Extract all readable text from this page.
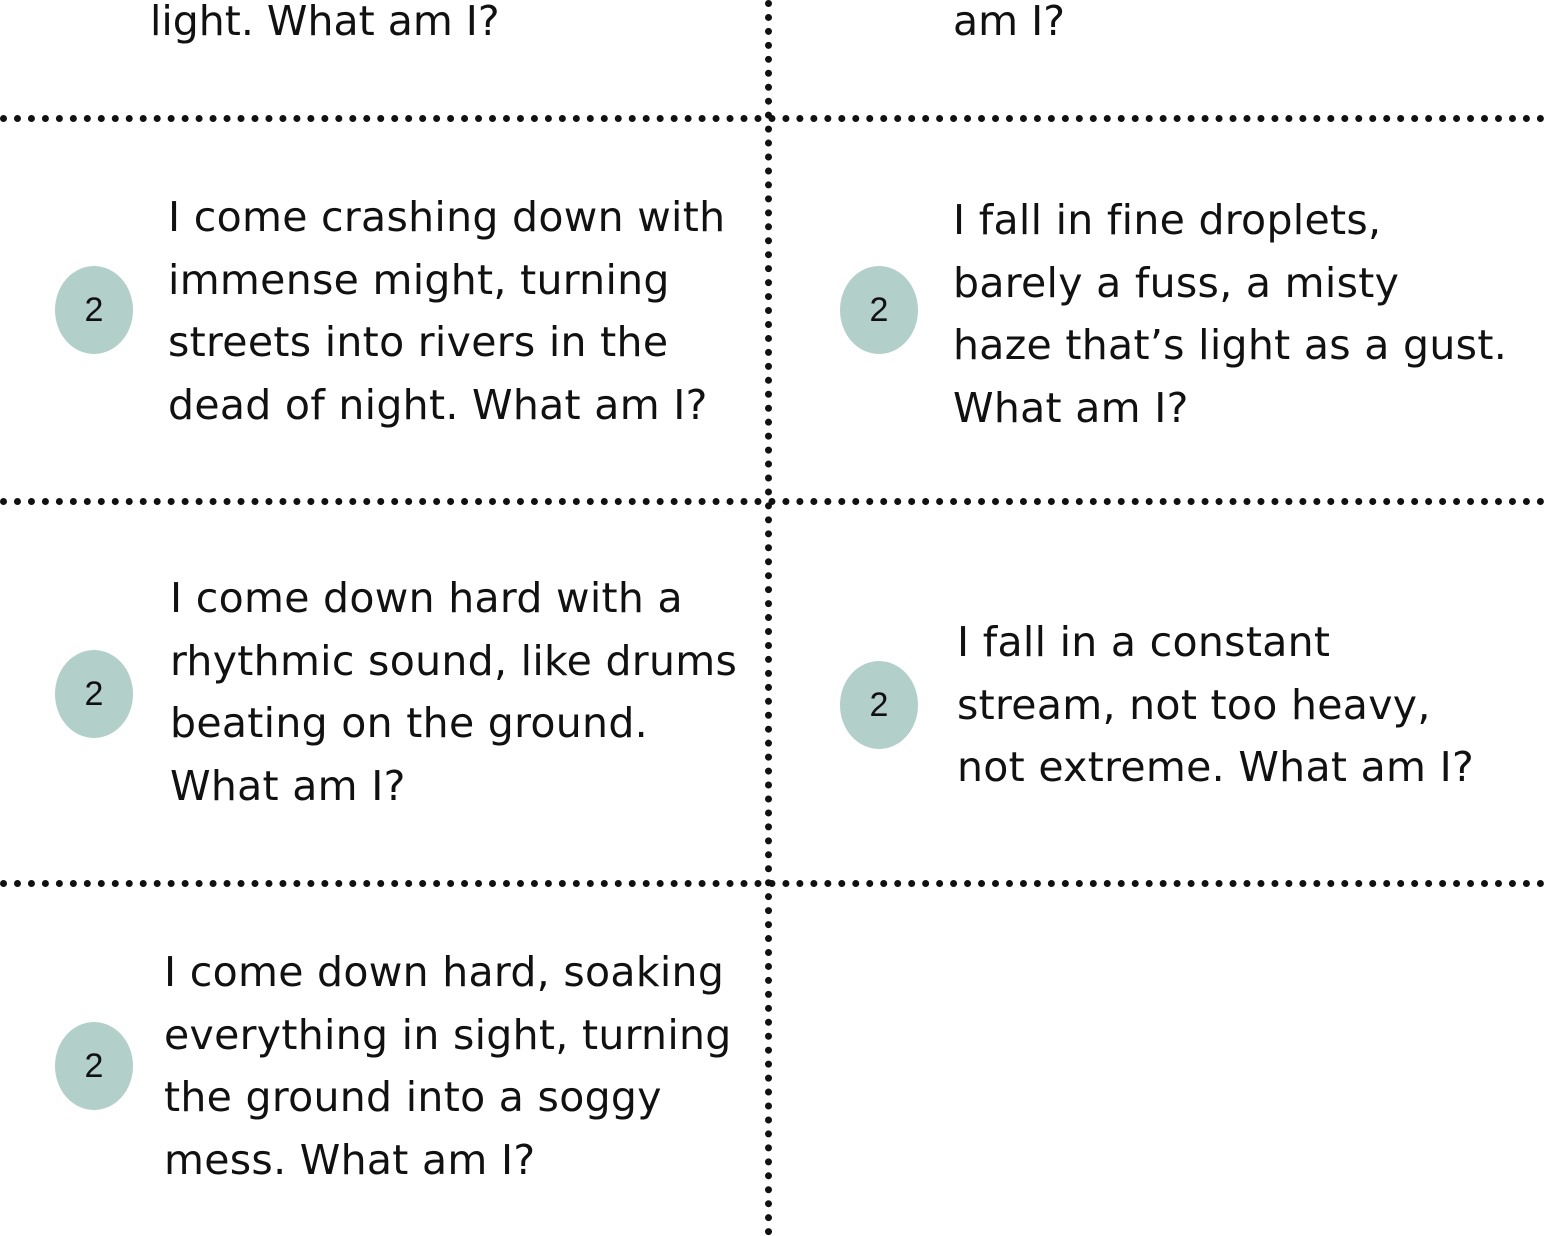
light. What am I?	am I?

2
I come crashing down with
immense might, turning
streets into rivers in the
dead of night. What am I?
2
I fall in fine droplets,
barely a fuss, a misty
haze that’s light as a gust.
What am I?
2
I come down hard with a
rhythmic sound, like drums
beating on the ground.
What am I?
2
I fall in a constant
stream, not too heavy,
not extreme. What am I?
2
I come down hard, soaking
everything in sight, turning
the ground into a soggy
mess. What am I?
